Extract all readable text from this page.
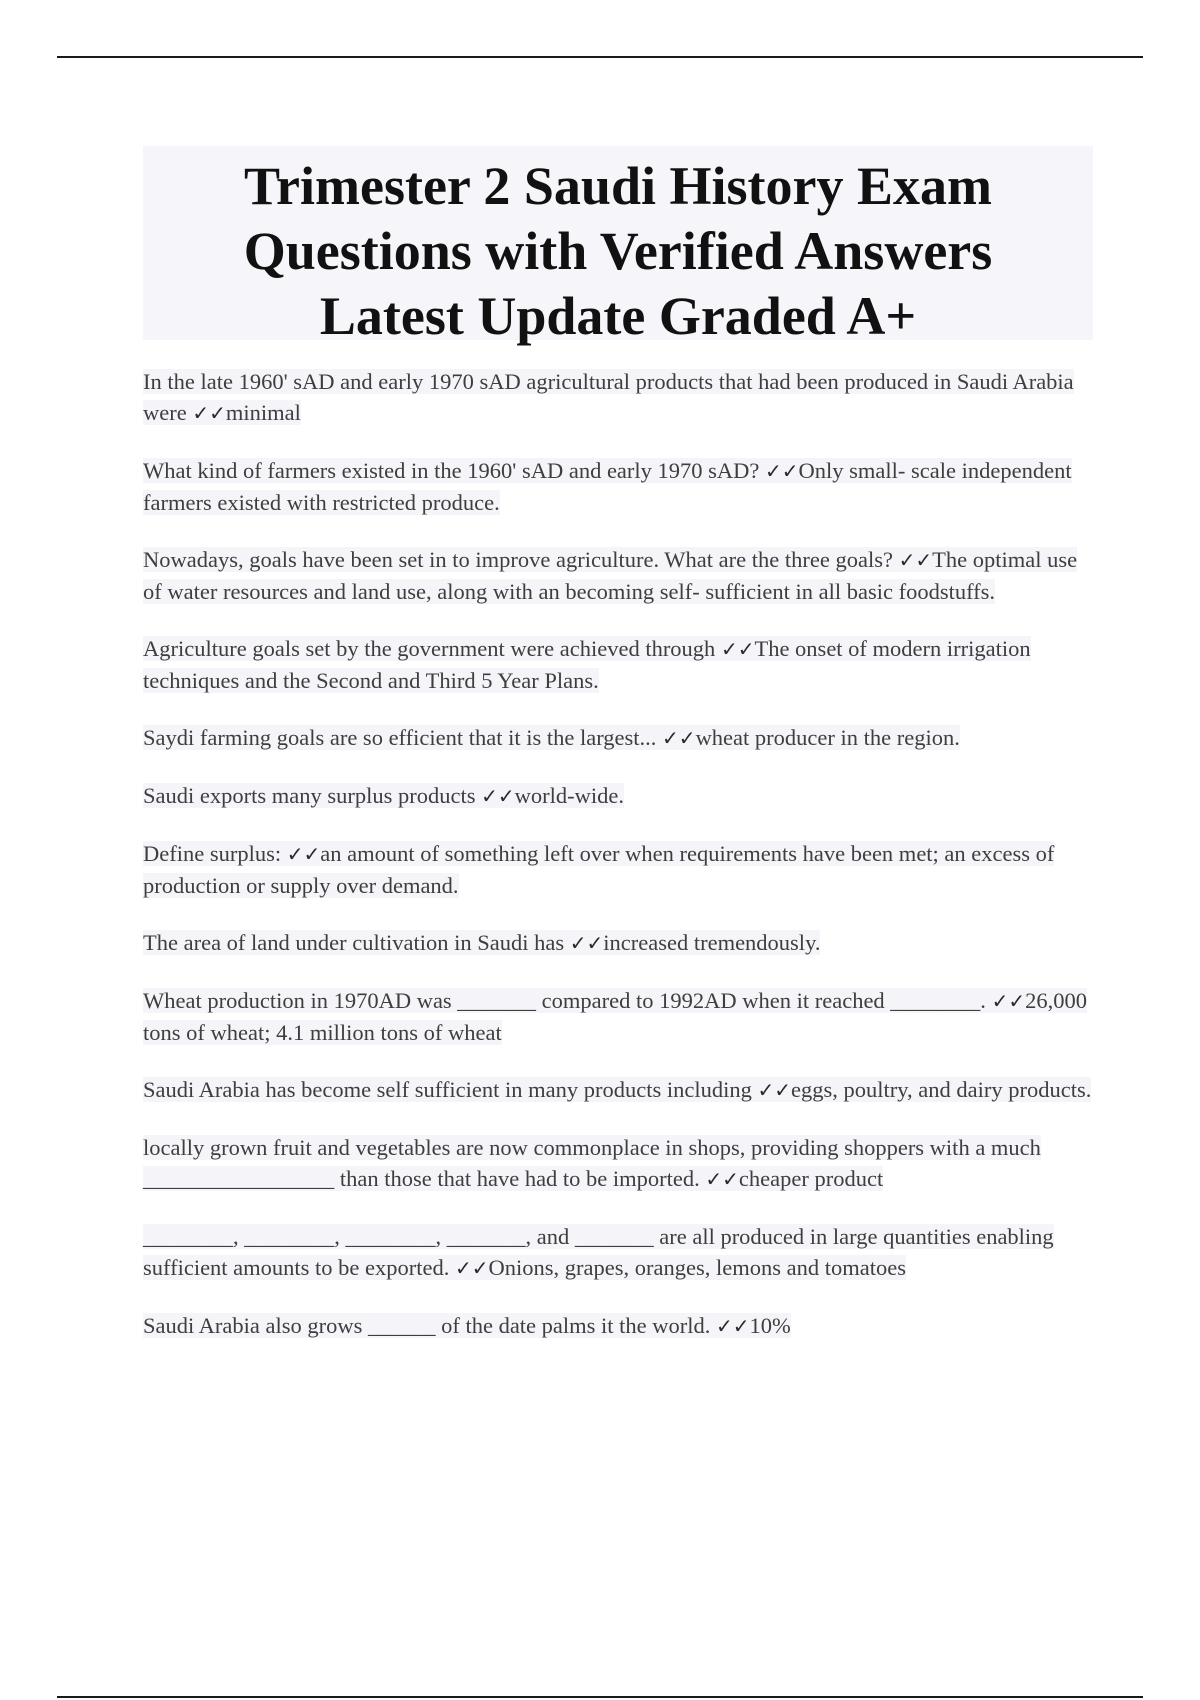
Trimester 2 Saudi History Exam
Questions with Verified Answers
Latest Update Graded A+

In the late 1960' sAD and early 1970 sAD agricultural products that had been produced in Saudi Arabia were ✓✓minimal

What kind of farmers existed in the 1960' sAD and early 1970 sAD? ✓✓Only small- scale independent farmers existed with restricted produce.

Nowadays, goals have been set in to improve agriculture. What are the three goals? ✓✓The optimal use of water resources and land use, along with an becoming self- sufficient in all basic foodstuffs.

Agriculture goals set by the government were achieved through ✓✓The onset of modern irrigation techniques and the Second and Third 5 Year Plans.

Saydi farming goals are so efficient that it is the largest... ✓✓wheat producer in the region.

Saudi exports many surplus products ✓✓world-wide.

Define surplus: ✓✓an amount of something left over when requirements have been met; an excess of production or supply over demand.

The area of land under cultivation in Saudi has ✓✓increased tremendously.

Wheat production in 1970AD was _______ compared to 1992AD when it reached ________. ✓✓26,000 tons of wheat; 4.1 million tons of wheat

Saudi Arabia has become self sufficient in many products including ✓✓eggs, poultry, and dairy products.

locally grown fruit and vegetables are now commonplace in shops, providing shoppers with a much _________________ than those that have had to be imported. ✓✓cheaper product

________, ________, ________, _______, and _______ are all produced in large quantities enabling sufficient amounts to be exported. ✓✓Onions, grapes, oranges, lemons and tomatoes

Saudi Arabia also grows ______ of the date palms it the world. ✓✓10%
